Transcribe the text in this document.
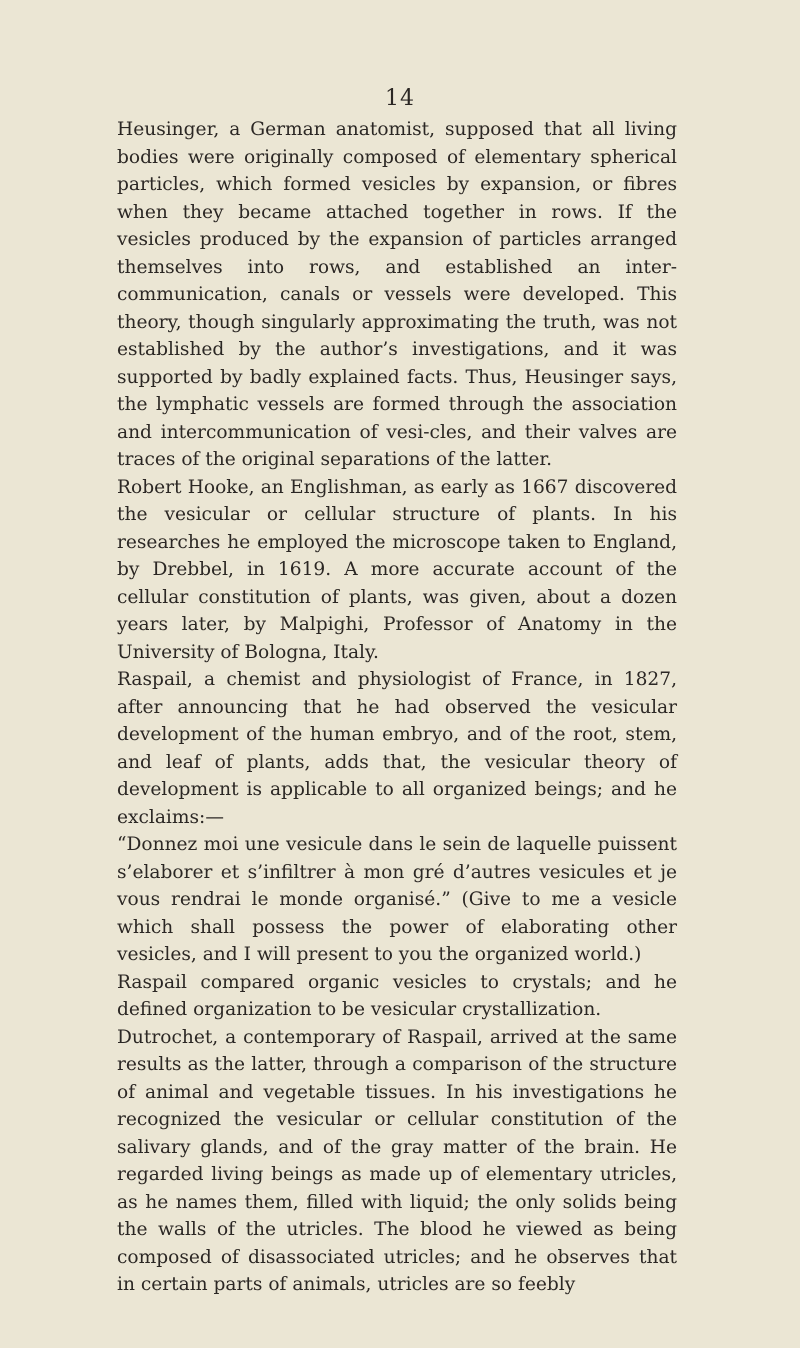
14

Heusinger, a German anatomist, supposed that all living bodies were originally composed of elementary spherical particles, which formed vesicles by expansion, or fibres when they became attached together in rows. If the vesicles produced by the expansion of particles arranged themselves into rows, and established an inter-communication, canals or vessels were developed. This theory, though singularly approximating the truth, was not established by the author’s investigations, and it was supported by badly explained facts. Thus, Heusinger says, the lymphatic vessels are formed through the association and intercommunication of vesi-cles, and their valves are traces of the original separations of the latter.

Robert Hooke, an Englishman, as early as 1667 discovered the vesicular or cellular structure of plants. In his researches he employed the microscope taken to England, by Drebbel, in 1619. A more accurate account of the cellular constitution of plants, was given, about a dozen years later, by Malpighi, Professor of Anatomy in the University of Bologna, Italy.

Raspail, a chemist and physiologist of France, in 1827, after announcing that he had observed the vesicular development of the human embryo, and of the root, stem, and leaf of plants, adds that, the vesicular theory of development is applicable to all organized beings; and he exclaims:—

“Donnez moi une vesicule dans le sein de laquelle puissent s’elaborer et s’infiltrer à mon gré d’autres vesicules et je vous rendrai le monde organisé.” (Give to me a vesicle which shall possess the power of elaborating other vesicles, and I will present to you the organized world.)

Raspail compared organic vesicles to crystals; and he defined organization to be vesicular crystallization.

Dutrochet, a contemporary of Raspail, arrived at the same results as the latter, through a comparison of the structure of animal and vegetable tissues. In his investigations he recognized the vesicular or cellular constitution of the salivary glands, and of the gray matter of the brain. He regarded living beings as made up of elementary utricles, as he names them, filled with liquid; the only solids being the walls of the utricles. The blood he viewed as being composed of disassociated utricles; and he observes that in certain parts of animals, utricles are so feebly
